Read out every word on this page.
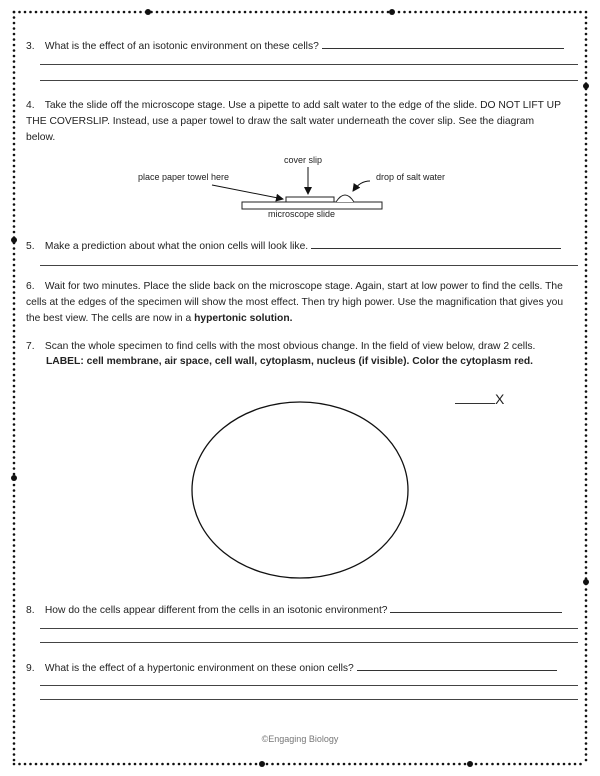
3. What is the effect of an isotonic environment on these cells?
4. Take the slide off the microscope stage. Use a pipette to add salt water to the edge of the slide. DO NOT LIFT UP THE COVERSLIP. Instead, use a paper towel to draw the salt water underneath the cover slip. See the diagram below.
cover slip
place paper towel here	drop of salt water
microscope slide
5. Make a prediction about what the onion cells will look like.
6. Wait for two minutes. Place the slide back on the microscope stage. Again, start at low power to find the cells. The cells at the edges of the specimen will show the most effect. Then try high power. Use the magnification that gives you the best view. The cells are now in a hypertonic solution.
7. Scan the whole specimen to find cells with the most obvious change. In the field of view below, draw 2 cells.
LABEL: cell membrane, air space, cell wall, cytoplasm, nucleus (if visible). Color the cytoplasm red.
X
8. How do the cells appear different from the cells in an isotonic environment?
9. What is the effect of a hypertonic environment on these onion cells?
©Engaging Biology
